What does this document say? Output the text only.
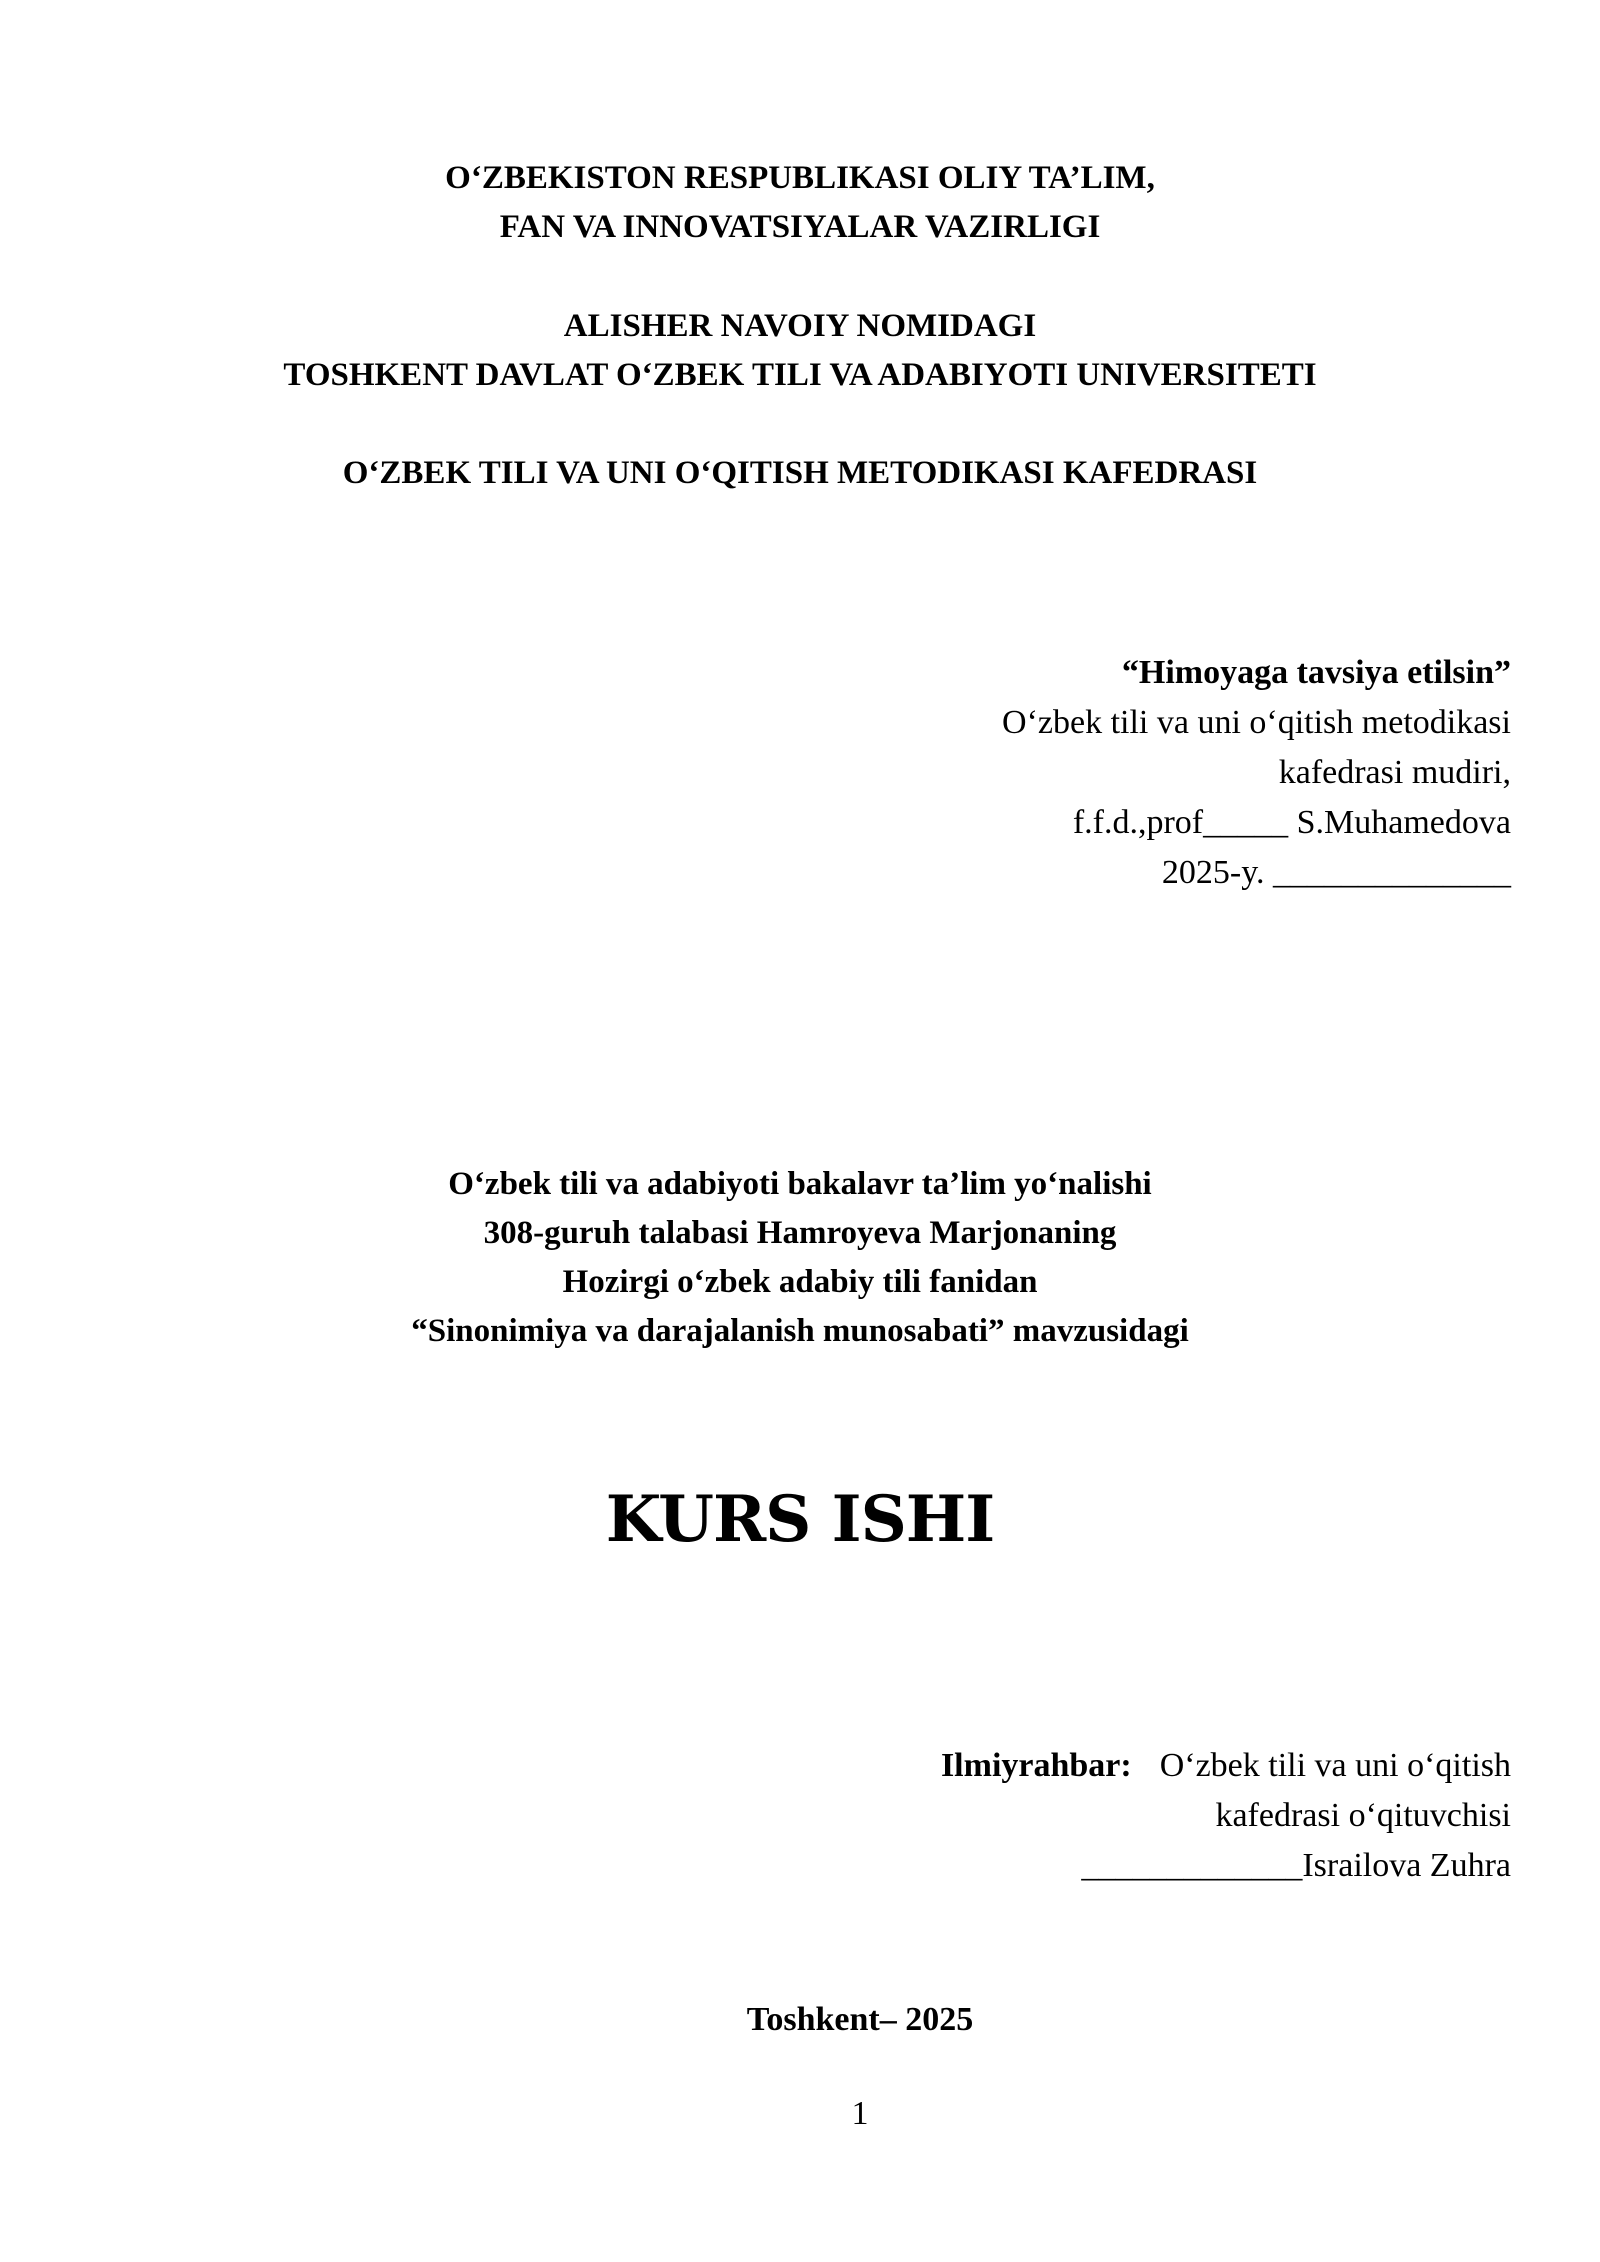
O‘ZBEKISTON RESPUBLIKASI OLIY TA’LIM,
FAN VA INNOVATSIYALAR VAZIRLIGI
ALISHER NAVOIY NOMIDAGI
TOSHKENT DAVLAT O‘ZBEK TILI VA ADABIYOTI UNIVERSITETI
O‘ZBEK TILI VA UNI O‘QITISH METODIKASI KAFEDRASI
“Himoyaga tavsiya etilsin”
O‘zbek tili va uni o‘qitish metodikasi
kafedrasi mudiri,
f.f.d.,prof_____ S.Muhamedova
2025-y. ______________
O‘zbek tili va adabiyoti bakalavr ta’lim yo‘nalishi
308-guruh talabasi Hamroyeva Marjonaning
Hozirgi o‘zbek adabiy tili fanidan
“Sinonimiya va darajalanish munosabati” mavzusidagi
KURS ISHI
Ilmiyrahbar: O‘zbek tili va uni o‘qitish
kafedrasi o‘qituvchisi
_____________Israilova Zuhra
Toshkent– 2025
1
